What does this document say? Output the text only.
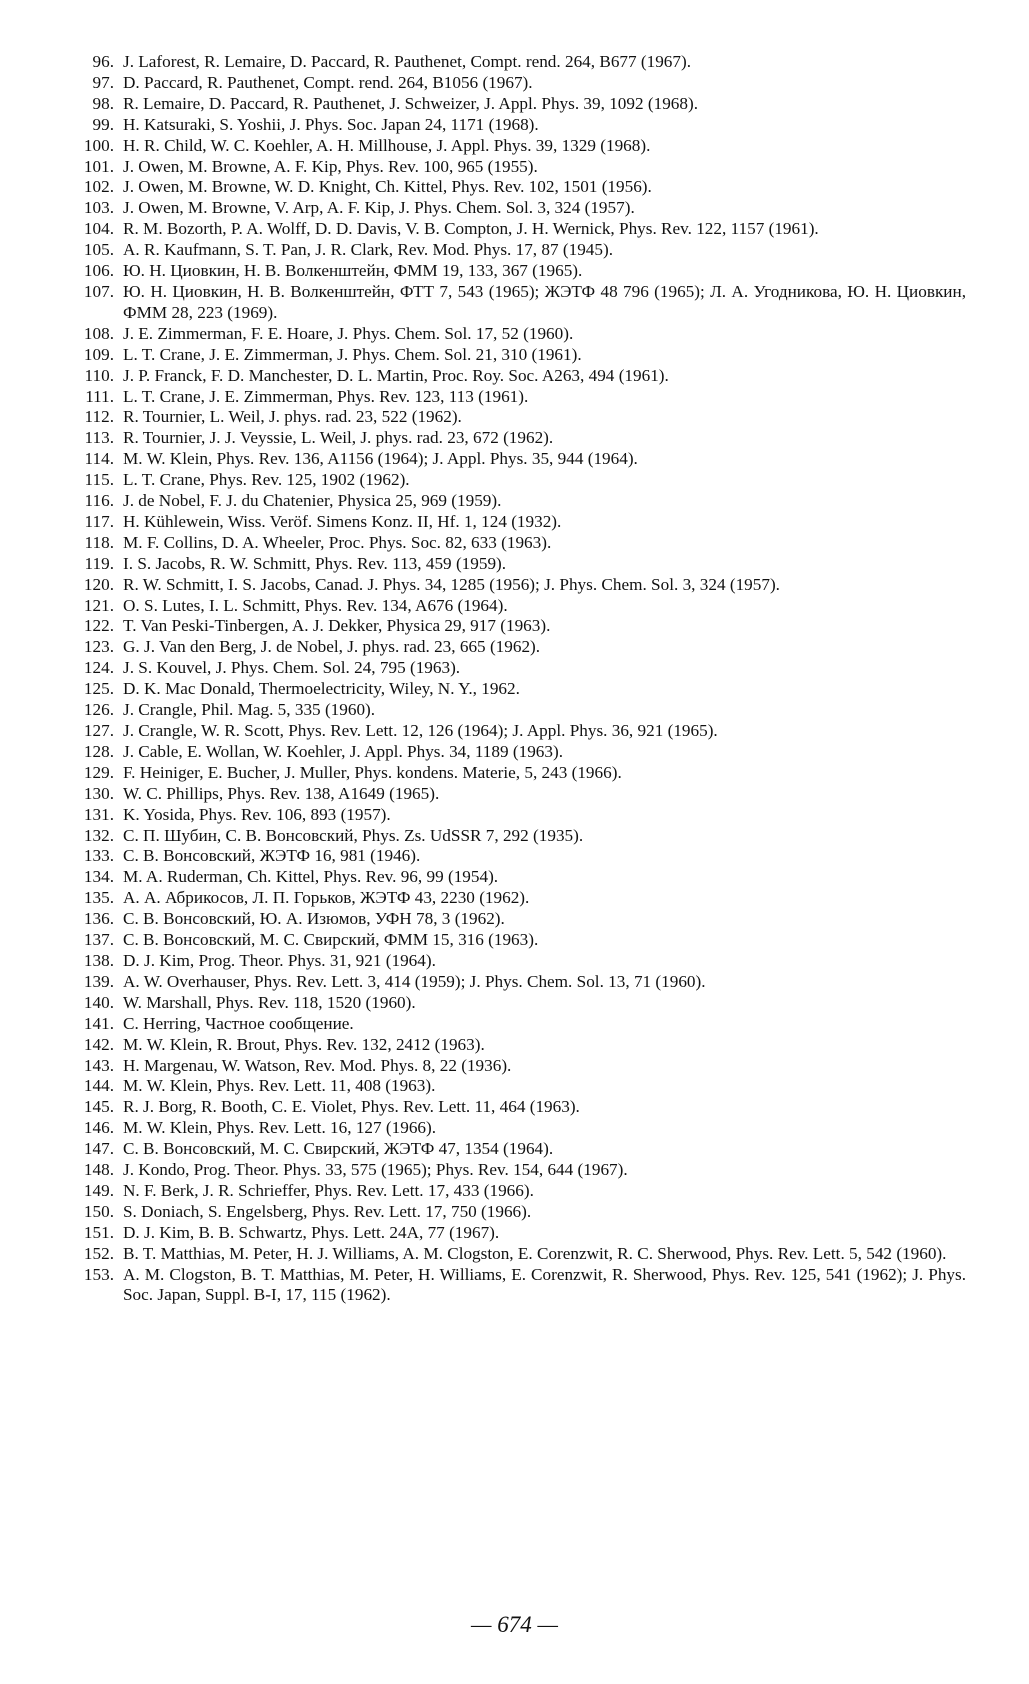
96. J. Laforest, R. Lemaire, D. Paccard, R. Pauthenet, Compt. rend. 264, B677 (1967).
97. D. Paccard, R. Pauthenet, Compt. rend. 264, B1056 (1967).
98. R. Lemaire, D. Paccard, R. Pauthenet, J. Schweizer, J. Appl. Phys. 39, 1092 (1968).
99. H. Katsuraki, S. Yoshii, J. Phys. Soc. Japan 24, 1171 (1968).
100. H. R. Child, W. C. Koehler, A. H. Millhouse, J. Appl. Phys. 39, 1329 (1968).
101. J. Owen, M. Browne, A. F. Kip, Phys. Rev. 100, 965 (1955).
102. J. Owen, M. Browne, W. D. Knight, Ch. Kittel, Phys. Rev. 102, 1501 (1956).
103. J. Owen, M. Browne, V. Arp, A. F. Kip, J. Phys. Chem. Sol. 3, 324 (1957).
104. R. M. Bozorth, P. A. Wolff, D. D. Davis, V. B. Compton, J. H. Wernick, Phys. Rev. 122, 1157 (1961).
105. A. R. Kaufmann, S. T. Pan, J. R. Clark, Rev. Mod. Phys. 17, 87 (1945).
106. Ю. Н. Циовкин, Н. В. Волкенштейн, ФММ 19, 133, 367 (1965).
107. Ю. Н. Циовкин, Н. В. Волкенштейн, ФТТ 7, 543 (1965); ЖЭТФ 48 796 (1965); Л. А. Угодникова, Ю. Н. Циовкин, ФММ 28, 223 (1969).
108. J. E. Zimmerman, F. E. Hoare, J. Phys. Chem. Sol. 17, 52 (1960).
109. L. T. Crane, J. E. Zimmerman, J. Phys. Chem. Sol. 21, 310 (1961).
110. J. P. Franck, F. D. Manchester, D. L. Martin, Proc. Roy. Soc. A263, 494 (1961).
111. L. T. Crane, J. E. Zimmerman, Phys. Rev. 123, 113 (1961).
112. R. Tournier, L. Weil, J. phys. rad. 23, 522 (1962).
113. R. Tournier, J. J. Veyssie, L. Weil, J. phys. rad. 23, 672 (1962).
114. M. W. Klein, Phys. Rev. 136, A1156 (1964); J. Appl. Phys. 35, 944 (1964).
115. L. T. Crane, Phys. Rev. 125, 1902 (1962).
116. J. de Nobel, F. J. du Chatenier, Physica 25, 969 (1959).
117. H. Kühlewein, Wiss. Veröf. Simens Konz. II, Hf. 1, 124 (1932).
118. M. F. Collins, D. A. Wheeler, Proc. Phys. Soc. 82, 633 (1963).
119. I. S. Jacobs, R. W. Schmitt, Phys. Rev. 113, 459 (1959).
120. R. W. Schmitt, I. S. Jacobs, Canad. J. Phys. 34, 1285 (1956); J. Phys. Chem. Sol. 3, 324 (1957).
121. O. S. Lutes, I. L. Schmitt, Phys. Rev. 134, A676 (1964).
122. T. Van Peski-Tinbergen, A. J. Dekker, Physica 29, 917 (1963).
123. G. J. Van den Berg, J. de Nobel, J. phys. rad. 23, 665 (1962).
124. J. S. Kouvel, J. Phys. Chem. Sol. 24, 795 (1963).
125. D. K. Mac Donald, Thermoelectricity, Wiley, N. Y., 1962.
126. J. Crangle, Phil. Mag. 5, 335 (1960).
127. J. Crangle, W. R. Scott, Phys. Rev. Lett. 12, 126 (1964); J. Appl. Phys. 36, 921 (1965).
128. J. Cable, E. Wollan, W. Koehler, J. Appl. Phys. 34, 1189 (1963).
129. F. Heiniger, E. Bucher, J. Muller, Phys. kondens. Materie, 5, 243 (1966).
130. W. C. Phillips, Phys. Rev. 138, A1649 (1965).
131. K. Yosida, Phys. Rev. 106, 893 (1957).
132. С. П. Шубин, С. В. Вонсовский, Phys. Zs. UdSSR 7, 292 (1935).
133. С. В. Вонсовский, ЖЭТФ 16, 981 (1946).
134. M. A. Ruderman, Ch. Kittel, Phys. Rev. 96, 99 (1954).
135. А. А. Абрикосов, Л. П. Горьков, ЖЭТФ 43, 2230 (1962).
136. С. В. Вонсовский, Ю. А. Изюмов, УФН 78, 3 (1962).
137. С. В. Вонсовский, М. С. Свирский, ФММ 15, 316 (1963).
138. D. J. Kim, Prog. Theor. Phys. 31, 921 (1964).
139. A. W. Overhauser, Phys. Rev. Lett. 3, 414 (1959); J. Phys. Chem. Sol. 13, 71 (1960).
140. W. Marshall, Phys. Rev. 118, 1520 (1960).
141. C. Herring, Частное сообщение.
142. M. W. Klein, R. Brout, Phys. Rev. 132, 2412 (1963).
143. H. Margenau, W. Watson, Rev. Mod. Phys. 8, 22 (1936).
144. M. W. Klein, Phys. Rev. Lett. 11, 408 (1963).
145. R. J. Borg, R. Booth, C. E. Violet, Phys. Rev. Lett. 11, 464 (1963).
146. M. W. Klein, Phys. Rev. Lett. 16, 127 (1966).
147. С. В. Вонсовский, М. С. Свирский, ЖЭТФ 47, 1354 (1964).
148. J. Kondo, Prog. Theor. Phys. 33, 575 (1965); Phys. Rev. 154, 644 (1967).
149. N. F. Berk, J. R. Schrieffer, Phys. Rev. Lett. 17, 433 (1966).
150. S. Doniach, S. Engelsberg, Phys. Rev. Lett. 17, 750 (1966).
151. D. J. Kim, B. B. Schwartz, Phys. Lett. 24A, 77 (1967).
152. B. T. Matthias, M. Peter, H. J. Williams, A. M. Clogston, E. Corenzwit, R. C. Sherwood, Phys. Rev. Lett. 5, 542 (1960).
153. A. M. Clogston, B. T. Matthias, M. Peter, H. Williams, E. Corenzwit, R. Sherwood, Phys. Rev. 125, 541 (1962); J. Phys. Soc. Japan, Suppl. B-I, 17, 115 (1962).
— 674 —
